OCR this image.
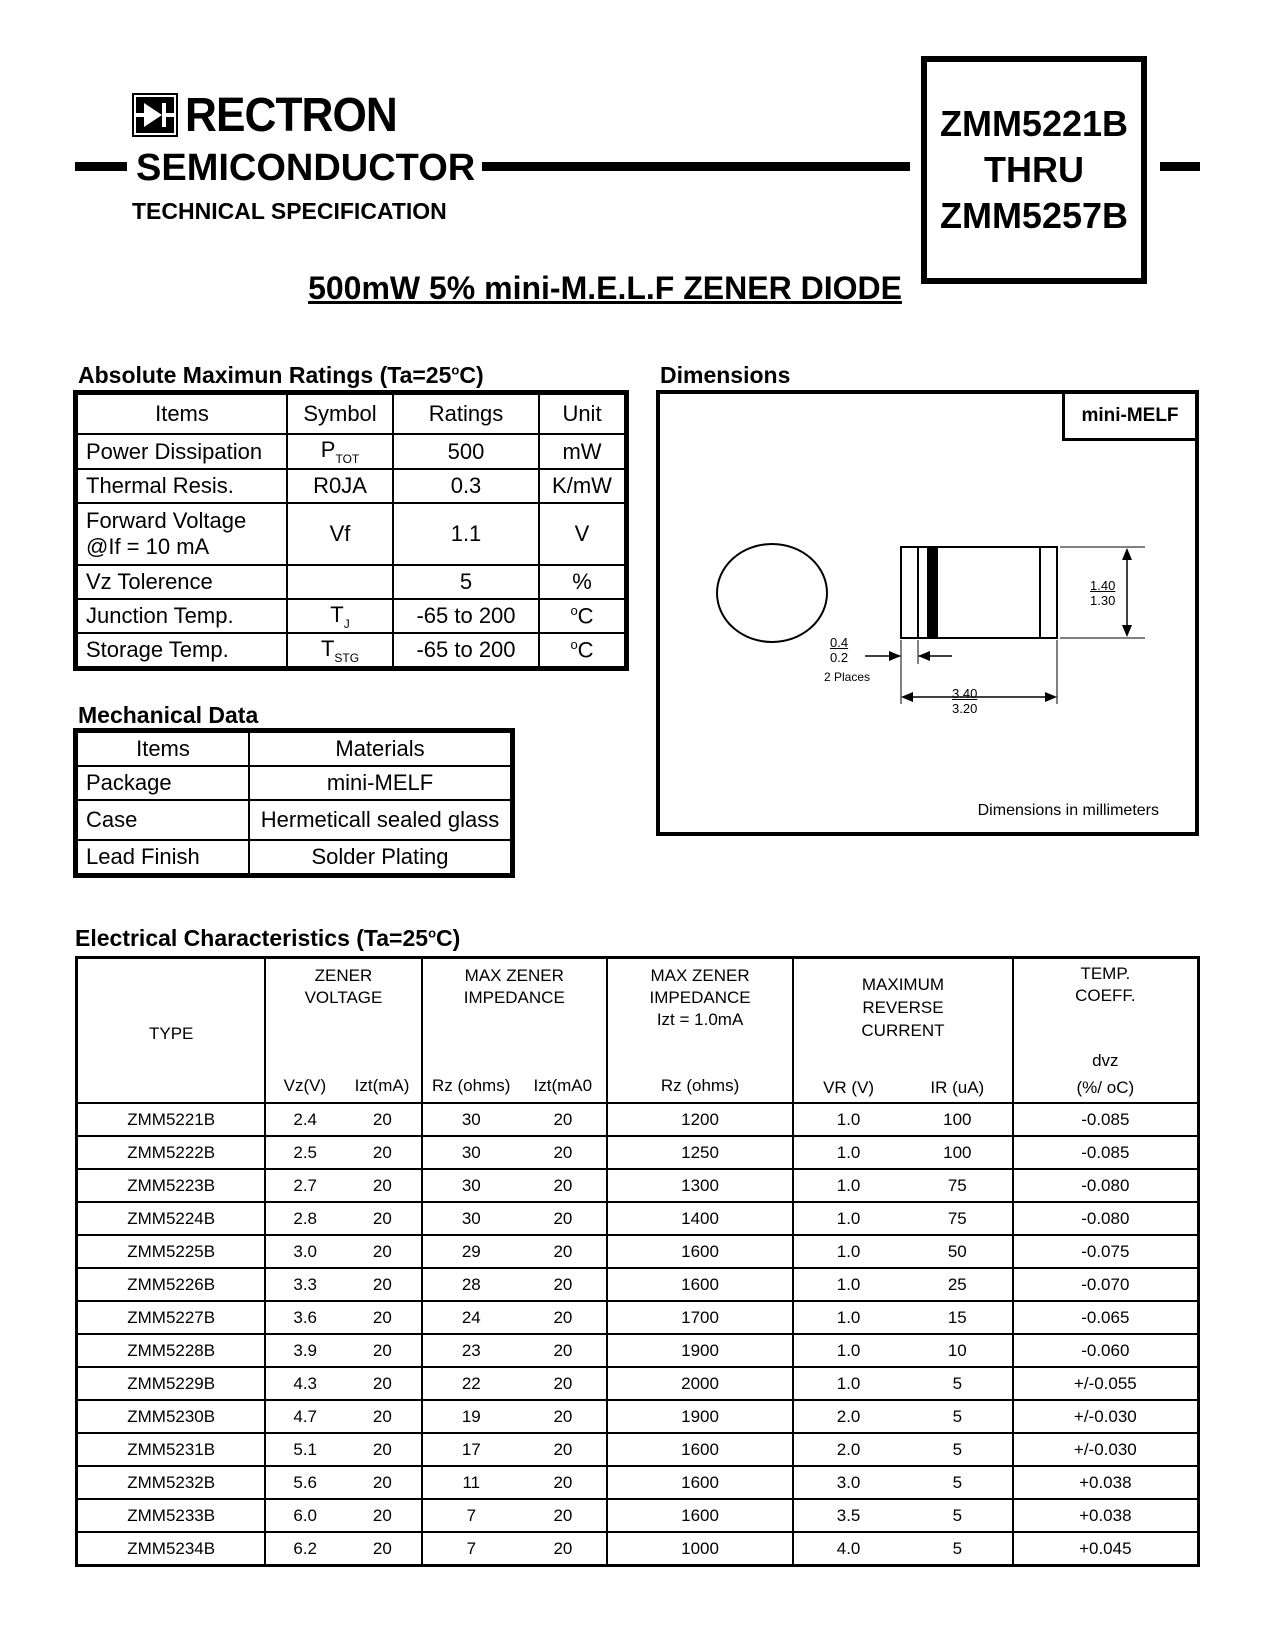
RECTRON
SEMICONDUCTOR
TECHNICAL SPECIFICATION
ZMM5221B
THRU
ZMM5257B
500mW 5% mini-M.E.L.F ZENER DIODE
Absolute Maximun Ratings $(Ta=25^oC)$
Items	Symbol	Ratings	Unit
Power Dissipation	$P_{TOT}$	500	mW
Thermal Resis.	R0JA	0.3	K/mW

Forward Voltage
@If = 10 mA	Vf	1.1	V
Vz Tolerence		5	%
Junction Temp.	$T_J$	-65 to 200	$^o$C
Storage Temp.	$T_{STG}$	-65 to 200	$^o$C
Mechanical Data
Items	Materials
Package	mini-MELF
Case	Hermeticall sealed glass
Lead Finish	Solder Plating
Dimensions
mini-MELF
1.40
1.30
0.4
0.2
2 Places
3.40
3.20
Dimensions in millimeters
Electrical Characteristics $(Ta=25^oC)$
TYPE	
ZENER
VOLTAGE
Vz(V)	Izt(mA)

MAX ZENER
IMPEDANCE
Rz (ohms)	Izt(mA0

MAX ZENER
IMPEDANCE
Izt = 1.0mA
Rz (ohms)

MAXIMUM
REVERSE
CURRENT
VR (V)	IR (uA)

TEMP.
COEFF.
dvz
(%/ oC)
ZMM5221B	2.4	20	30	20	1200	1.0	100	-0.085
ZMM5222B	2.5	20	30	20	1250	1.0	100	-0.085
ZMM5223B	2.7	20	30	20	1300	1.0	75	-0.080
ZMM5224B	2.8	20	30	20	1400	1.0	75	-0.080
ZMM5225B	3.0	20	29	20	1600	1.0	50	-0.075
ZMM5226B	3.3	20	28	20	1600	1.0	25	-0.070
ZMM5227B	3.6	20	24	20	1700	1.0	15	-0.065
ZMM5228B	3.9	20	23	20	1900	1.0	10	-0.060
ZMM5229B	4.3	20	22	20	2000	1.0	5	+/-0.055
ZMM5230B	4.7	20	19	20	1900	2.0	5	+/-0.030
ZMM5231B	5.1	20	17	20	1600	2.0	5	+/-0.030
ZMM5232B	5.6	20	11	20	1600	3.0	5	+0.038
ZMM5233B	6.0	20	7	20	1600	3.5	5	+0.038
ZMM5234B	6.2	20	7	20	1000	4.0	5	+0.045
